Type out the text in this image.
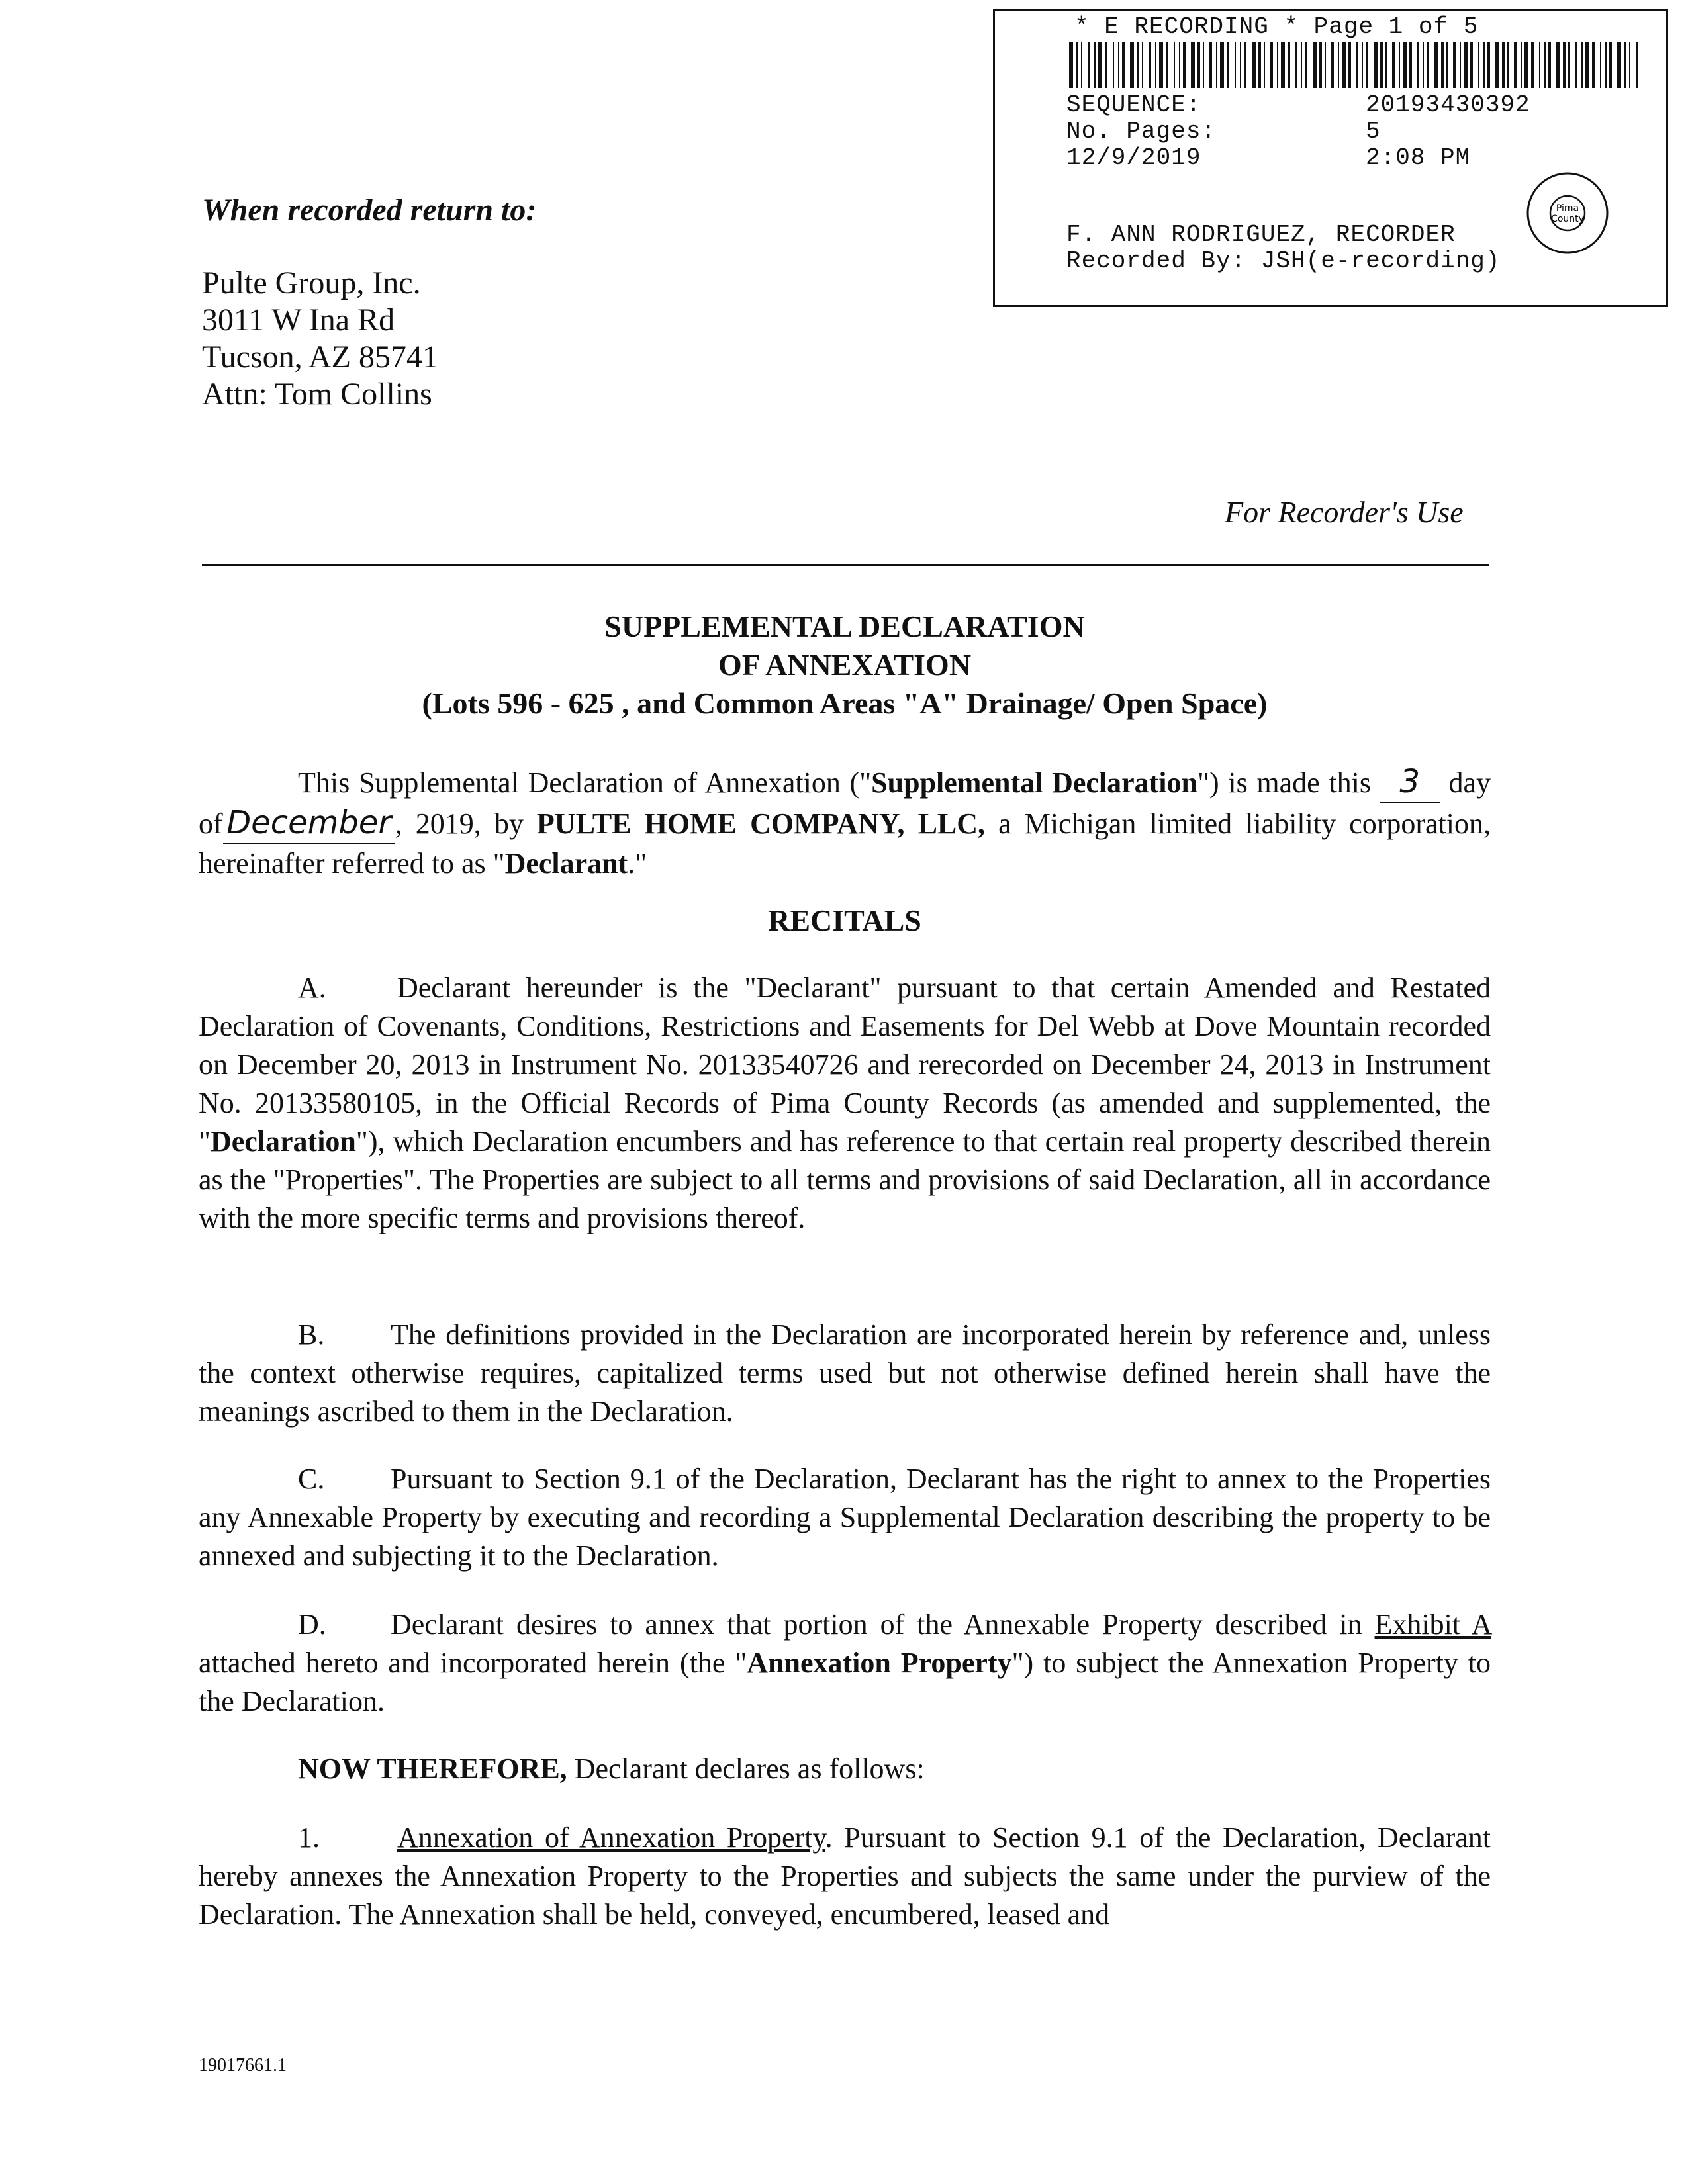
* E RECORDING * Page 1 of 5
SEQUENCE:	20193430392
No. Pages:	5
12/9/2019	2:08 PM
F. ANN RODRIGUEZ, RECORDER
Recorded By: JSH(e-recording)
Pima
County
When recorded return to:
Pulte Group, Inc.
3011 W Ina Rd
Tucson, AZ 85741
Attn: Tom Collins
For Recorder's Use
SUPPLEMENTAL DECLARATION
OF ANNEXATION
(Lots 596 - 625 , and Common Areas "A" Drainage/ Open Space)
This Supplemental Declaration of Annexation ("Supplemental Declaration") is made this 3 day of December , 2019, by PULTE HOME COMPANY, LLC, a Michigan limited liability corporation, hereinafter referred to as "Declarant."
RECITALS
A. Declarant hereunder is the "Declarant" pursuant to that certain Amended and Restated Declaration of Covenants, Conditions, Restrictions and Easements for Del Webb at Dove Mountain recorded on December 20, 2013 in Instrument No. 20133540726 and rerecorded on December 24, 2013 in Instrument No. 20133580105, in the Official Records of Pima County Records (as amended and supplemented, the "Declaration"), which Declaration encumbers and has reference to that certain real property described therein as the "Properties". The Properties are subject to all terms and provisions of said Declaration, all in accordance with the more specific terms and provisions thereof.
B. The definitions provided in the Declaration are incorporated herein by reference and, unless the context otherwise requires, capitalized terms used but not otherwise defined herein shall have the meanings ascribed to them in the Declaration.
C. Pursuant to Section 9.1 of the Declaration, Declarant has the right to annex to the Properties any Annexable Property by executing and recording a Supplemental Declaration describing the property to be annexed and subjecting it to the Declaration.
D. Declarant desires to annex that portion of the Annexable Property described in Exhibit A attached hereto and incorporated herein (the "Annexation Property") to subject the Annexation Property to the Declaration.
NOW THEREFORE, Declarant declares as follows:
1.	Annexation of Annexation Property. Pursuant to Section 9.1 of the Declaration, Declarant hereby annexes the Annexation Property to the Properties and subjects the same under the purview of the Declaration. The Annexation shall be held, conveyed, encumbered, leased and
19017661.1
